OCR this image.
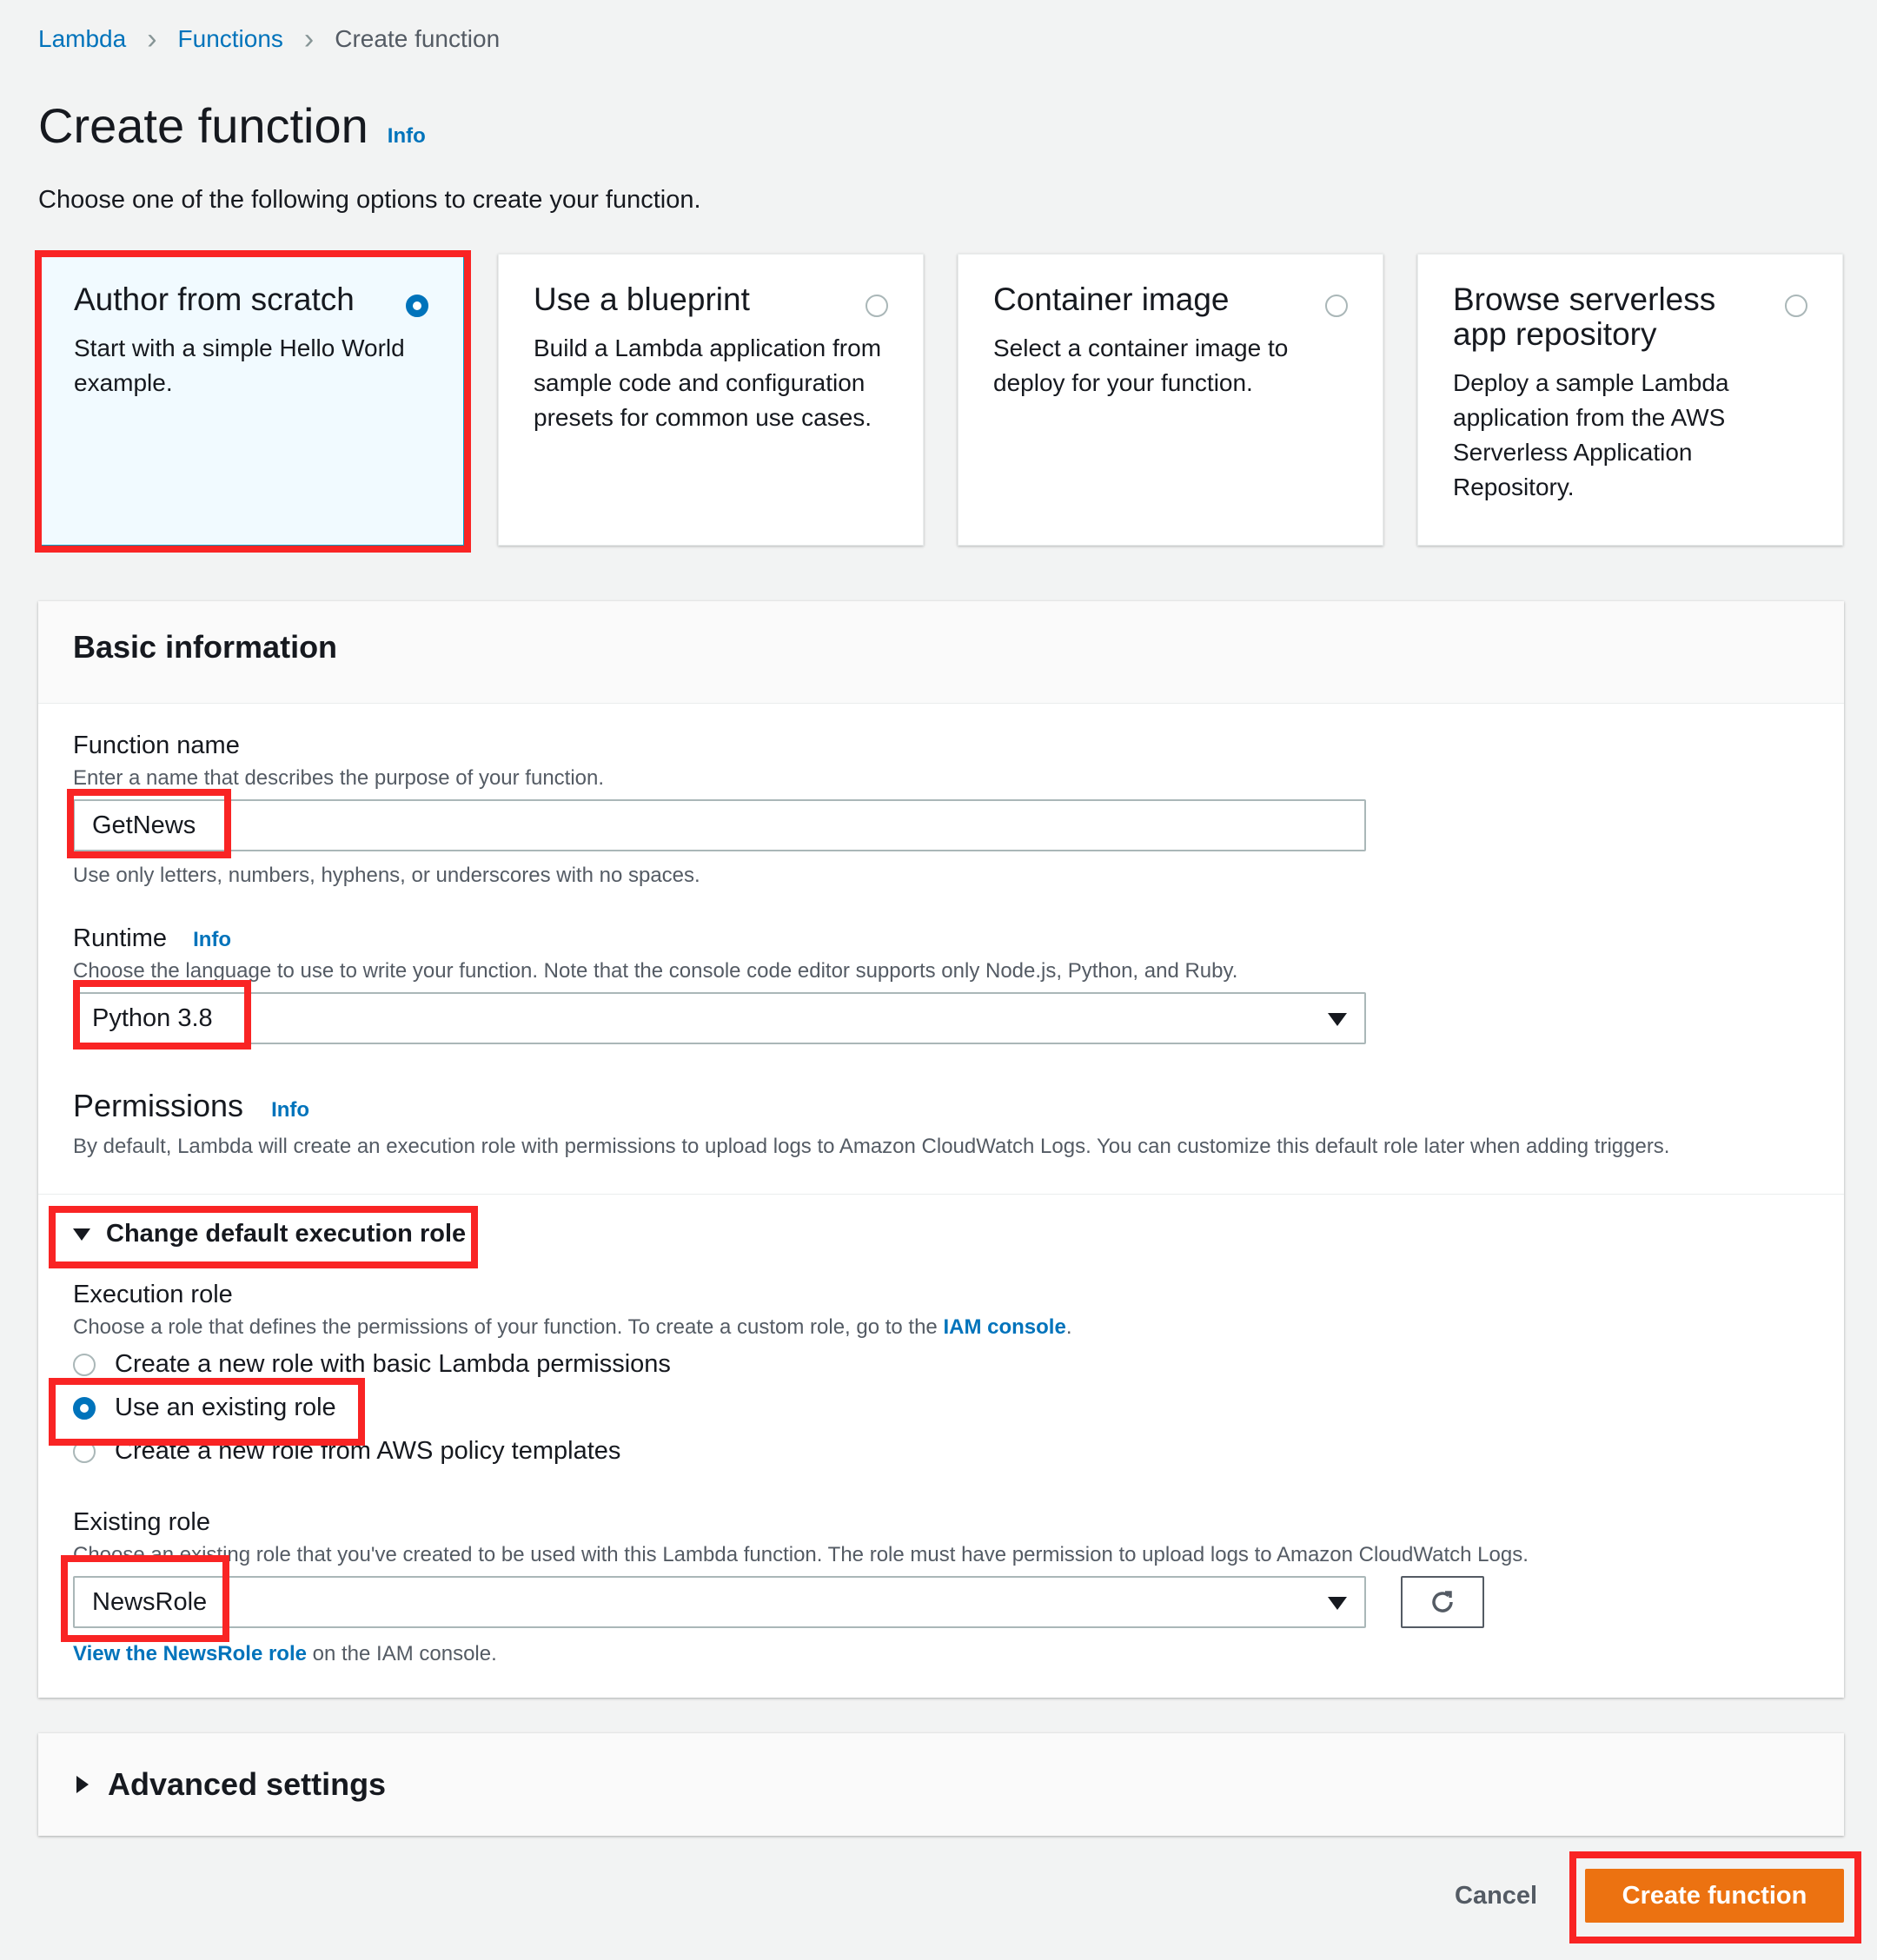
Lambda › Functions › Create function
Create function Info
Choose one of the following options to create your function.
Author from scratch
Start with a simple Hello World example.
Use a blueprint
Build a Lambda application from sample code and configuration presets for common use cases.
Container image
Select a container image to deploy for your function.
Browse serverless app repository
Deploy a sample Lambda application from the AWS Serverless Application Repository.
Basic information
Function name
Enter a name that describes the purpose of your function.
GetNews
Use only letters, numbers, hyphens, or underscores with no spaces.
Runtime Info
Choose the language to use to write your function. Note that the console code editor supports only Node.js, Python, and Ruby.
Python 3.8
Permissions Info
By default, Lambda will create an execution role with permissions to upload logs to Amazon CloudWatch Logs. You can customize this default role later when adding triggers.
Change default execution role
Execution role
Choose a role that defines the permissions of your function. To create a custom role, go to the IAM console.
Create a new role with basic Lambda permissions
Use an existing role
Create a new role from AWS policy templates
Existing role
Choose an existing role that you've created to be used with this Lambda function. The role must have permission to upload logs to Amazon CloudWatch Logs.
NewsRole
View the NewsRole role on the IAM console.
Advanced settings
Cancel	Create function
